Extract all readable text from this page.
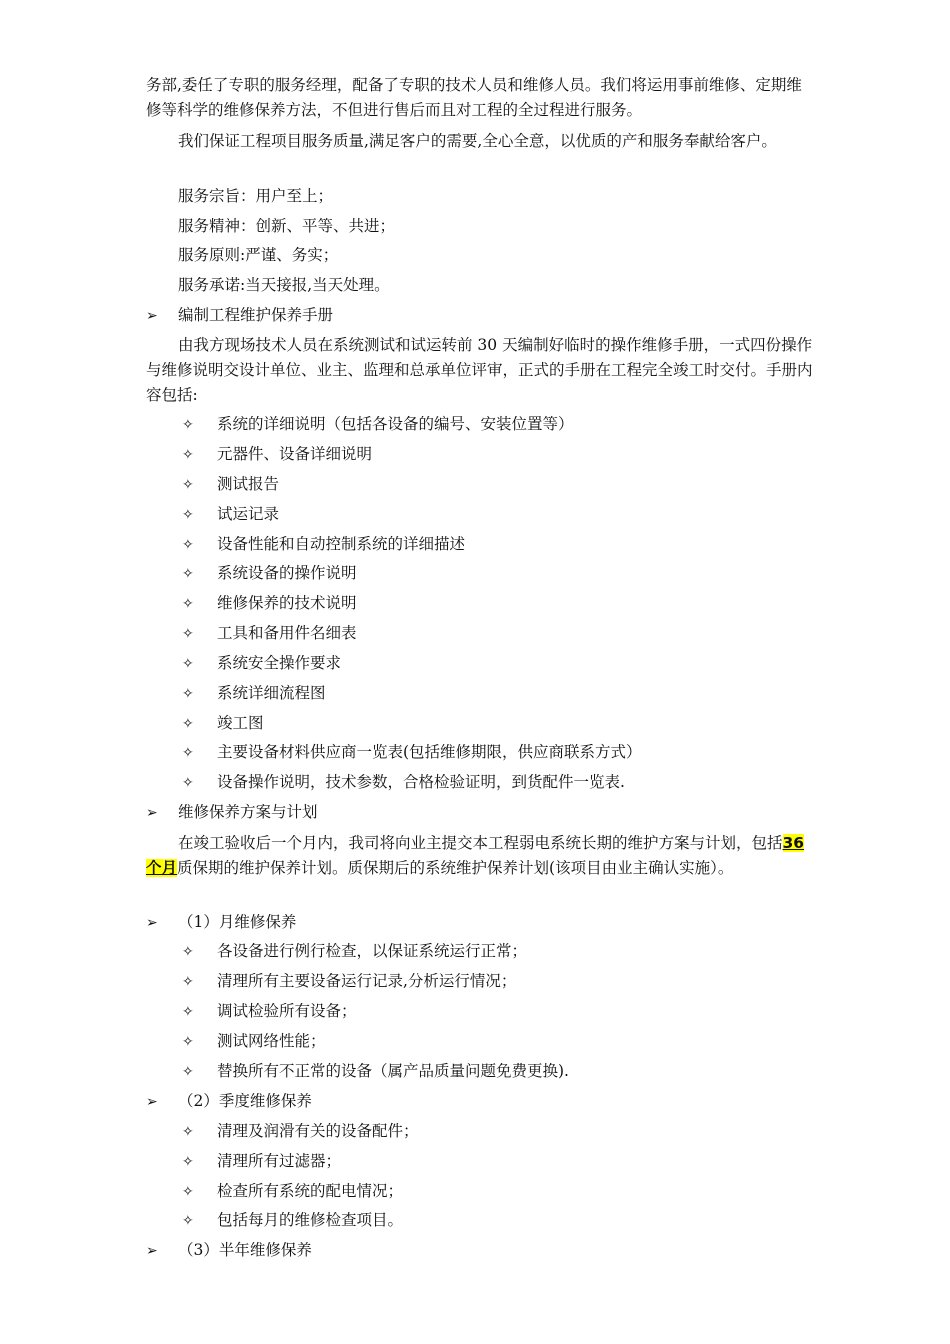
务部,委任了专职的服务经理，配备了专职的技术人员和维修人员。我们将运用事前维修、定期维修等科学的维修保养方法，不但进行售后而且对工程的全过程进行服务。

我们保证工程项目服务质量,满足客户的需要,全心全意，以优质的产和服务奉献给客户。

服务宗旨：用户至上；
服务精神：创新、平等、共进；
服务原则:严谨、务实；
服务承诺:当天接报,当天处理。
➢ 编制工程维护保养手册

由我方现场技术人员在系统测试和试运转前 30 天编制好临时的操作维修手册，一式四份操作与维修说明交设计单位、业主、监理和总承单位评审，正式的手册在工程完全竣工时交付。手册内容包括:

✧ 系统的详细说明（包括各设备的编号、安装位置等）
✧ 元器件、设备详细说明
✧ 测试报告
✧ 试运记录
✧ 设备性能和自动控制系统的详细描述
✧ 系统设备的操作说明
✧ 维修保养的技术说明
✧ 工具和备用件名细表
✧ 系统安全操作要求
✧ 系统详细流程图
✧ 竣工图
✧ 主要设备材料供应商一览表(包括维修期限，供应商联系方式）
✧ 设备操作说明，技术参数，合格检验证明，到货配件一览表.
➢ 维修保养方案与计划

在竣工验收后一个月内，我司将向业主提交本工程弱电系统长期的维护方案与计划，包括36 个月质保期的维护保养计划。质保期后的系统维护保养计划(该项目由业主确认实施）。

➢ （1）月维修保养
✧ 各设备进行例行检查，以保证系统运行正常；
✧ 清理所有主要设备运行记录,分析运行情况；
✧ 调试检验所有设备；
✧ 测试网络性能；
✧ 替换所有不正常的设备（属产品质量问题免费更换).
➢ （2）季度维修保养
✧ 清理及润滑有关的设备配件；
✧ 清理所有过滤器；
✧ 检查所有系统的配电情况；
✧ 包括每月的维修检查项目。
➢ （3）半年维修保养
